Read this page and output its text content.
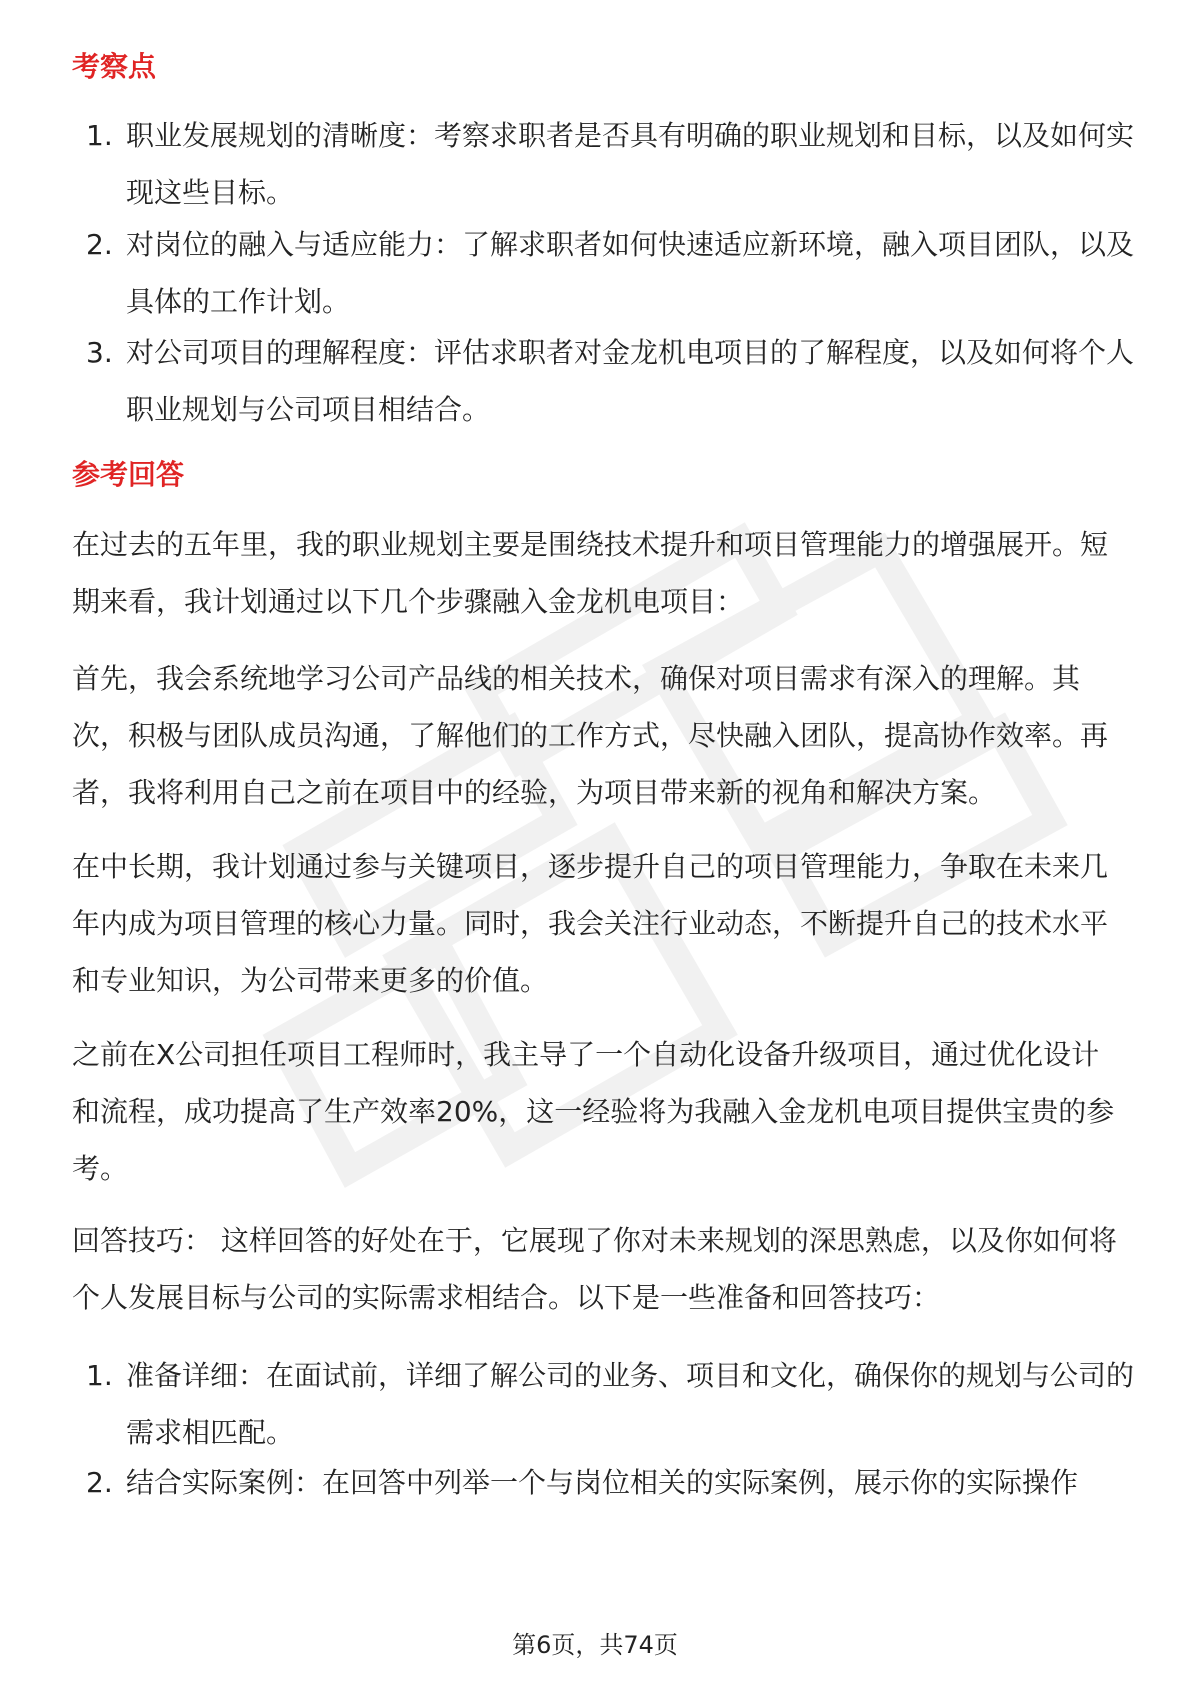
考察点
1. 职业发展规划的清晰度：考察求职者是否具有明确的职业规划和目标，以及如何实现这些目标。
2. 对岗位的融入与适应能力：了解求职者如何快速适应新环境，融入项目团队，以及具体的工作计划。
3. 对公司项目的理解程度：评估求职者对金龙机电项目的了解程度，以及如何将个人职业规划与公司项目相结合。
参考回答
在过去的五年里，我的职业规划主要是围绕技术提升和项目管理能力的增强展开。短期来看，我计划通过以下几个步骤融入金龙机电项目：
首先，我会系统地学习公司产品线的相关技术，确保对项目需求有深入的理解。其次，积极与团队成员沟通，了解他们的工作方式，尽快融入团队，提高协作效率。再者，我将利用自己之前在项目中的经验，为项目带来新的视角和解决方案。
在中长期，我计划通过参与关键项目，逐步提升自己的项目管理能力，争取在未来几年内成为项目管理的核心力量。同时，我会关注行业动态，不断提升自己的技术水平和专业知识，为公司带来更多的价值。
之前在X公司担任项目工程师时，我主导了一个自动化设备升级项目，通过优化设计和流程，成功提高了生产效率20%，这一经验将为我融入金龙机电项目提供宝贵的参考。
回答技巧： 这样回答的好处在于，它展现了你对未来规划的深思熟虑，以及你如何将个人发展目标与公司的实际需求相结合。以下是一些准备和回答技巧：
1. 准备详细：在面试前，详细了解公司的业务、项目和文化，确保你的规划与公司的需求相匹配。
2. 结合实际案例：在回答中列举一个与岗位相关的实际案例，展示你的实际操作
第6页，共74页
